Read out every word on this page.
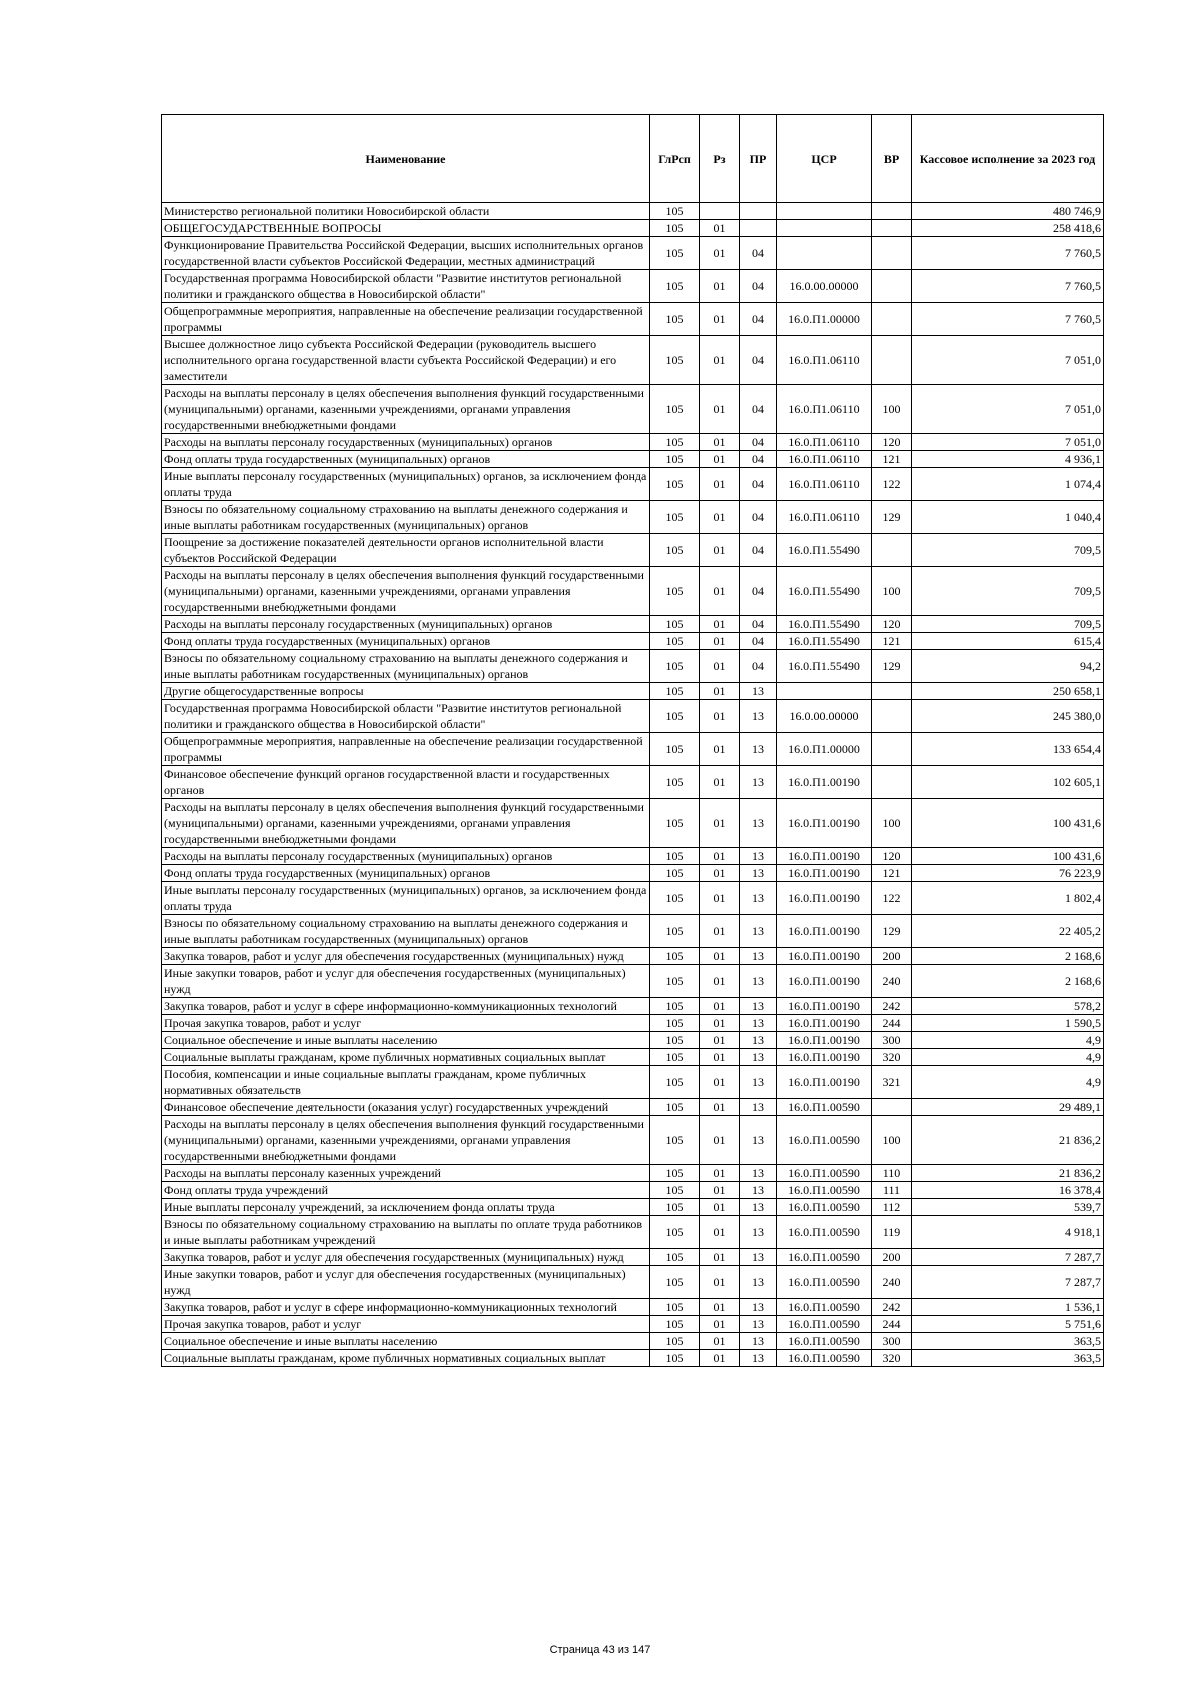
Наименование	ГлРсп	Рз	ПР	ЦСР	ВР	Кассовое исполнение за 2023 год
Министерство региональной политики Новосибирской области	105					480 746,9
ОБЩЕГОСУДАРСТВЕННЫЕ ВОПРОСЫ	105	01				258 418,6
Функционирование Правительства Российской Федерации, высших исполнительных органов государственной власти субъектов Российской Федерации, местных администраций	105	01	04			7 760,5
Государственная программа Новосибирской области "Развитие институтов региональной политики и гражданского общества в Новосибирской области"	105	01	04	16.0.00.00000		7 760,5
Общепрограммные мероприятия, направленные на обеспечение реализации государственной программы	105	01	04	16.0.П1.00000		7 760,5
Высшее должностное лицо субъекта Российской Федерации (руководитель высшего исполнительного органа государственной власти субъекта Российской Федерации) и его заместители	105	01	04	16.0.П1.06110		7 051,0
Расходы на выплаты персоналу в целях обеспечения выполнения функций государственными (муниципальными) органами, казенными учреждениями, органами управления государственными внебюджетными фондами	105	01	04	16.0.П1.06110	100	7 051,0
Расходы на выплаты персоналу государственных (муниципальных) органов	105	01	04	16.0.П1.06110	120	7 051,0
Фонд оплаты труда государственных (муниципальных) органов	105	01	04	16.0.П1.06110	121	4 936,1
Иные выплаты персоналу государственных (муниципальных) органов, за исключением фонда оплаты труда	105	01	04	16.0.П1.06110	122	1 074,4
Взносы по обязательному социальному страхованию на выплаты денежного содержания и иные выплаты работникам государственных (муниципальных) органов	105	01	04	16.0.П1.06110	129	1 040,4
Поощрение за достижение показателей деятельности органов исполнительной власти субъектов Российской Федерации	105	01	04	16.0.П1.55490		709,5
Расходы на выплаты персоналу в целях обеспечения выполнения функций государственными (муниципальными) органами, казенными учреждениями, органами управления государственными внебюджетными фондами	105	01	04	16.0.П1.55490	100	709,5
Расходы на выплаты персоналу государственных (муниципальных) органов	105	01	04	16.0.П1.55490	120	709,5
Фонд оплаты труда государственных (муниципальных) органов	105	01	04	16.0.П1.55490	121	615,4
Взносы по обязательному социальному страхованию на выплаты денежного содержания и иные выплаты работникам государственных (муниципальных) органов	105	01	04	16.0.П1.55490	129	94,2
Другие общегосударственные вопросы	105	01	13			250 658,1
Государственная программа Новосибирской области "Развитие институтов региональной политики и гражданского общества в Новосибирской области"	105	01	13	16.0.00.00000		245 380,0
Общепрограммные мероприятия, направленные на обеспечение реализации государственной программы	105	01	13	16.0.П1.00000		133 654,4
Финансовое обеспечение функций органов государственной власти и государственных органов	105	01	13	16.0.П1.00190		102 605,1
Расходы на выплаты персоналу в целях обеспечения выполнения функций государственными (муниципальными) органами, казенными учреждениями, органами управления государственными внебюджетными фондами	105	01	13	16.0.П1.00190	100	100 431,6
Расходы на выплаты персоналу государственных (муниципальных) органов	105	01	13	16.0.П1.00190	120	100 431,6
Фонд оплаты труда государственных (муниципальных) органов	105	01	13	16.0.П1.00190	121	76 223,9
Иные выплаты персоналу государственных (муниципальных) органов, за исключением фонда оплаты труда	105	01	13	16.0.П1.00190	122	1 802,4
Взносы по обязательному социальному страхованию на выплаты денежного содержания и иные выплаты работникам государственных (муниципальных) органов	105	01	13	16.0.П1.00190	129	22 405,2
Закупка товаров, работ и услуг для обеспечения государственных (муниципальных) нужд	105	01	13	16.0.П1.00190	200	2 168,6
Иные закупки товаров, работ и услуг для обеспечения государственных (муниципальных) нужд	105	01	13	16.0.П1.00190	240	2 168,6
Закупка товаров, работ и услуг в сфере информационно-коммуникационных технологий	105	01	13	16.0.П1.00190	242	578,2
Прочая закупка товаров, работ и услуг	105	01	13	16.0.П1.00190	244	1 590,5
Социальное обеспечение и иные выплаты населению	105	01	13	16.0.П1.00190	300	4,9
Социальные выплаты гражданам, кроме публичных нормативных социальных выплат	105	01	13	16.0.П1.00190	320	4,9
Пособия, компенсации и иные социальные выплаты гражданам, кроме публичных нормативных обязательств	105	01	13	16.0.П1.00190	321	4,9
Финансовое обеспечение деятельности (оказания услуг) государственных учреждений	105	01	13	16.0.П1.00590		29 489,1
Расходы на выплаты персоналу в целях обеспечения выполнения функций государственными (муниципальными) органами, казенными учреждениями, органами управления государственными внебюджетными фондами	105	01	13	16.0.П1.00590	100	21 836,2
Расходы на выплаты персоналу казенных учреждений	105	01	13	16.0.П1.00590	110	21 836,2
Фонд оплаты труда учреждений	105	01	13	16.0.П1.00590	111	16 378,4
Иные выплаты персоналу учреждений, за исключением фонда оплаты труда	105	01	13	16.0.П1.00590	112	539,7
Взносы по обязательному социальному страхованию на выплаты по оплате труда работников и иные выплаты работникам учреждений	105	01	13	16.0.П1.00590	119	4 918,1
Закупка товаров, работ и услуг для обеспечения государственных (муниципальных) нужд	105	01	13	16.0.П1.00590	200	7 287,7
Иные закупки товаров, работ и услуг для обеспечения государственных (муниципальных) нужд	105	01	13	16.0.П1.00590	240	7 287,7
Закупка товаров, работ и услуг в сфере информационно-коммуникационных технологий	105	01	13	16.0.П1.00590	242	1 536,1
Прочая закупка товаров, работ и услуг	105	01	13	16.0.П1.00590	244	5 751,6
Социальное обеспечение и иные выплаты населению	105	01	13	16.0.П1.00590	300	363,5
Социальные выплаты гражданам, кроме публичных нормативных социальных выплат	105	01	13	16.0.П1.00590	320	363,5
Страница 43 из 147
